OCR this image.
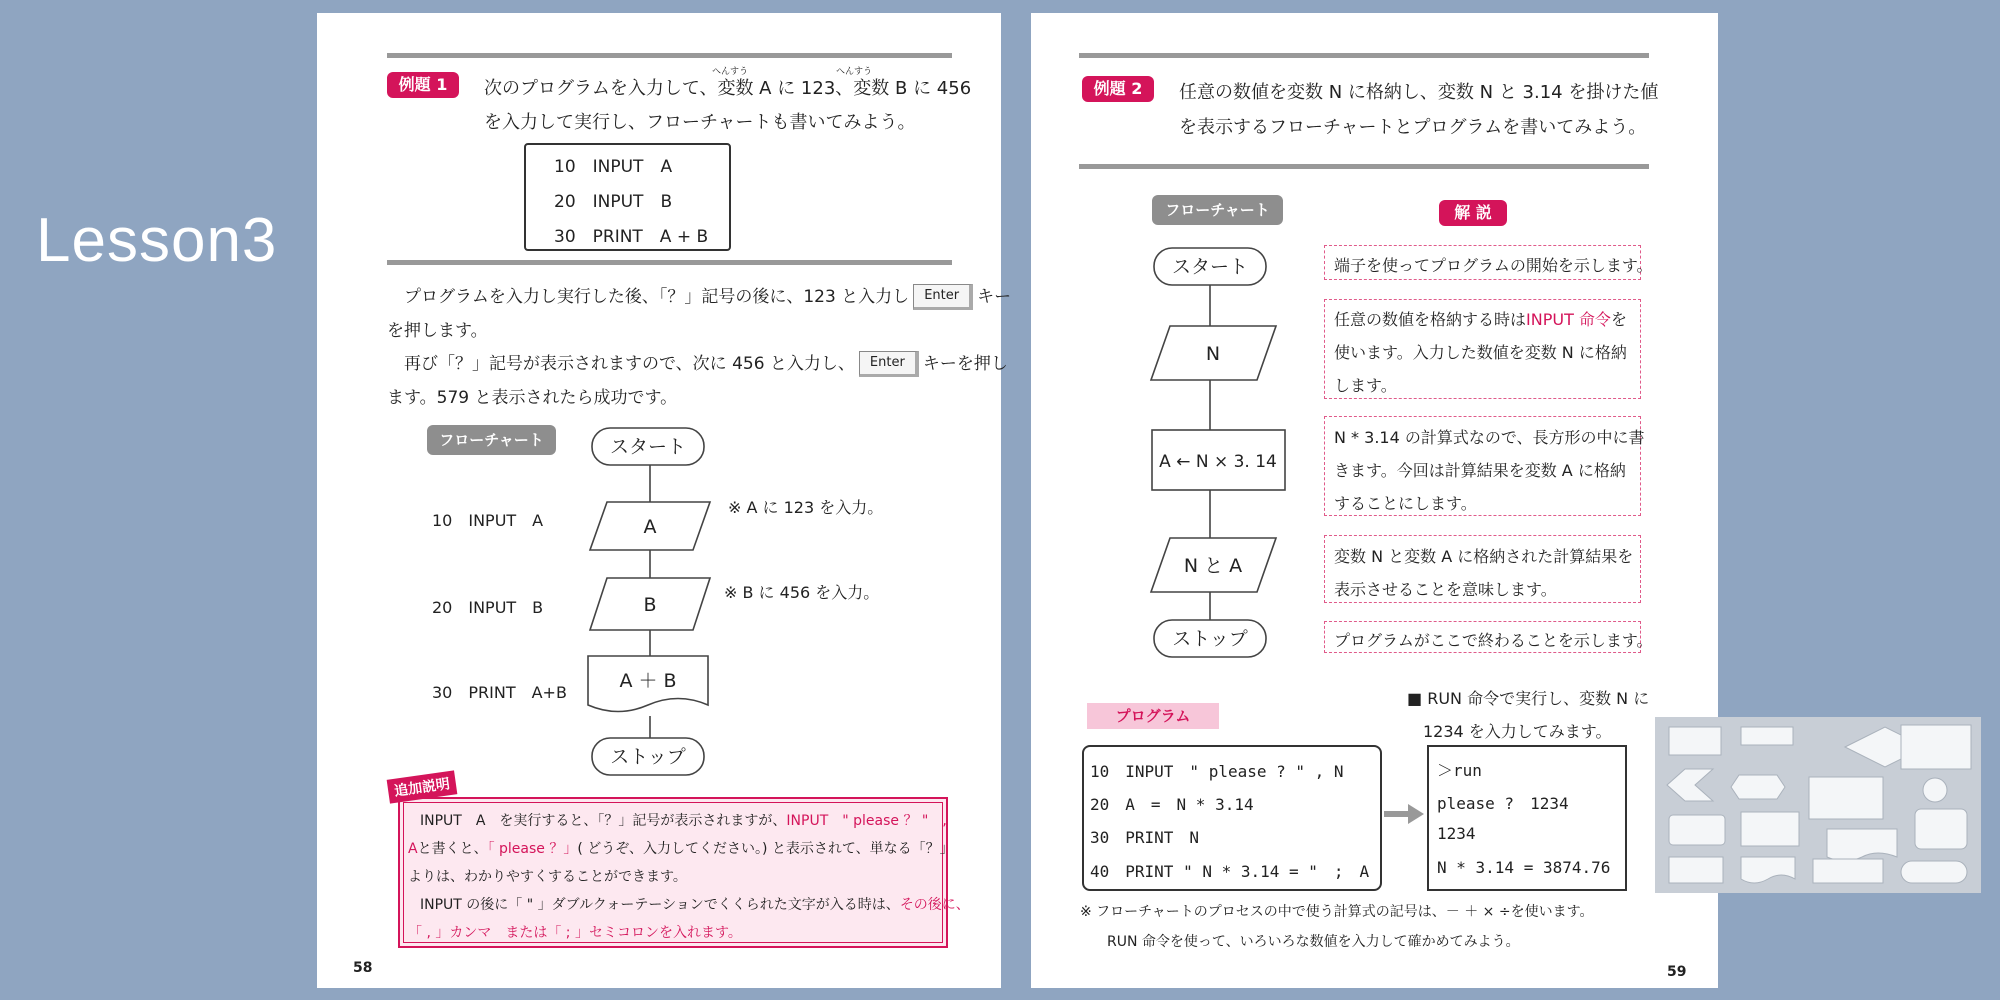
Lesson3
例題 1
へんすう	へんすう
次のプログラムを入力して、変数 A に 123、変数 B に 456
を入力して実行し、フローチャートも書いてみよう。
10　INPUT　A
20　INPUT　B
30　PRINT　A + B
プログラムを入力し実行した後、「？」記号の後に、123 と入力し Enter キー
を押します。
再び「？」記号が表示されますので、次に 456 と入力し、 Enter キーを押し
ます。579 と表示されたら成功です。
フローチャート	スタート
A
B
A ＋ B
ストップ
10　INPUT　A
20　INPUT　B
30　PRINT　A+B
※ A に 123 を入力。
※ B に 456 を入力。
追加説明
INPUT　A　を実行すると、「？」記号が表示されますが、INPUT　" please ？ "　,
Aと書くと、「 please ？」( どうぞ、入力してください。) と表示されて、単なる「？」
よりは、わかりやすくすることができます。
INPUT の後に「 " 」ダブルクォーテーションでくくられた文字が入る時は、その後に、
「 , 」カンマ　または「 ; 」セミコロンを入れます。
58
例題 2	任意の数値を変数 N に格納し、変数 N と 3.14 を掛けた値
を表示するフローチャートとプログラムを書いてみよう。
フローチャート	解 説
スタート
N
A ← N × 3. 14
N と A
ストップ
端子を使ってプログラムの開始を示します。
任意の数値を格納する時はINPUT 命令を
使います。入力した数値を変数 N に格納
します。
N * 3.14 の計算式なので、長方形の中に書
きます。今回は計算結果を変数 A に格納
することにします。
変数 N と変数 A に格納された計算結果を
表示させることを意味します。
プログラムがここで終わることを示します。
プログラム
10　INPUT　" please ? " , N
20　A　=　N * 3.14
30　PRINT　N
40　PRINT " N * 3.14 = "　;　A
■ RUN 命令で実行し、変数 N に
1234 を入力してみます。
＞run
please ?　1234
1234
N * 3.14 = 3874.76
※ フローチャートのプロセスの中で使う計算式の記号は、－ ＋ × ÷を使います。
RUN 命令を使って、いろいろな数値を入力して確かめてみよう。
59
